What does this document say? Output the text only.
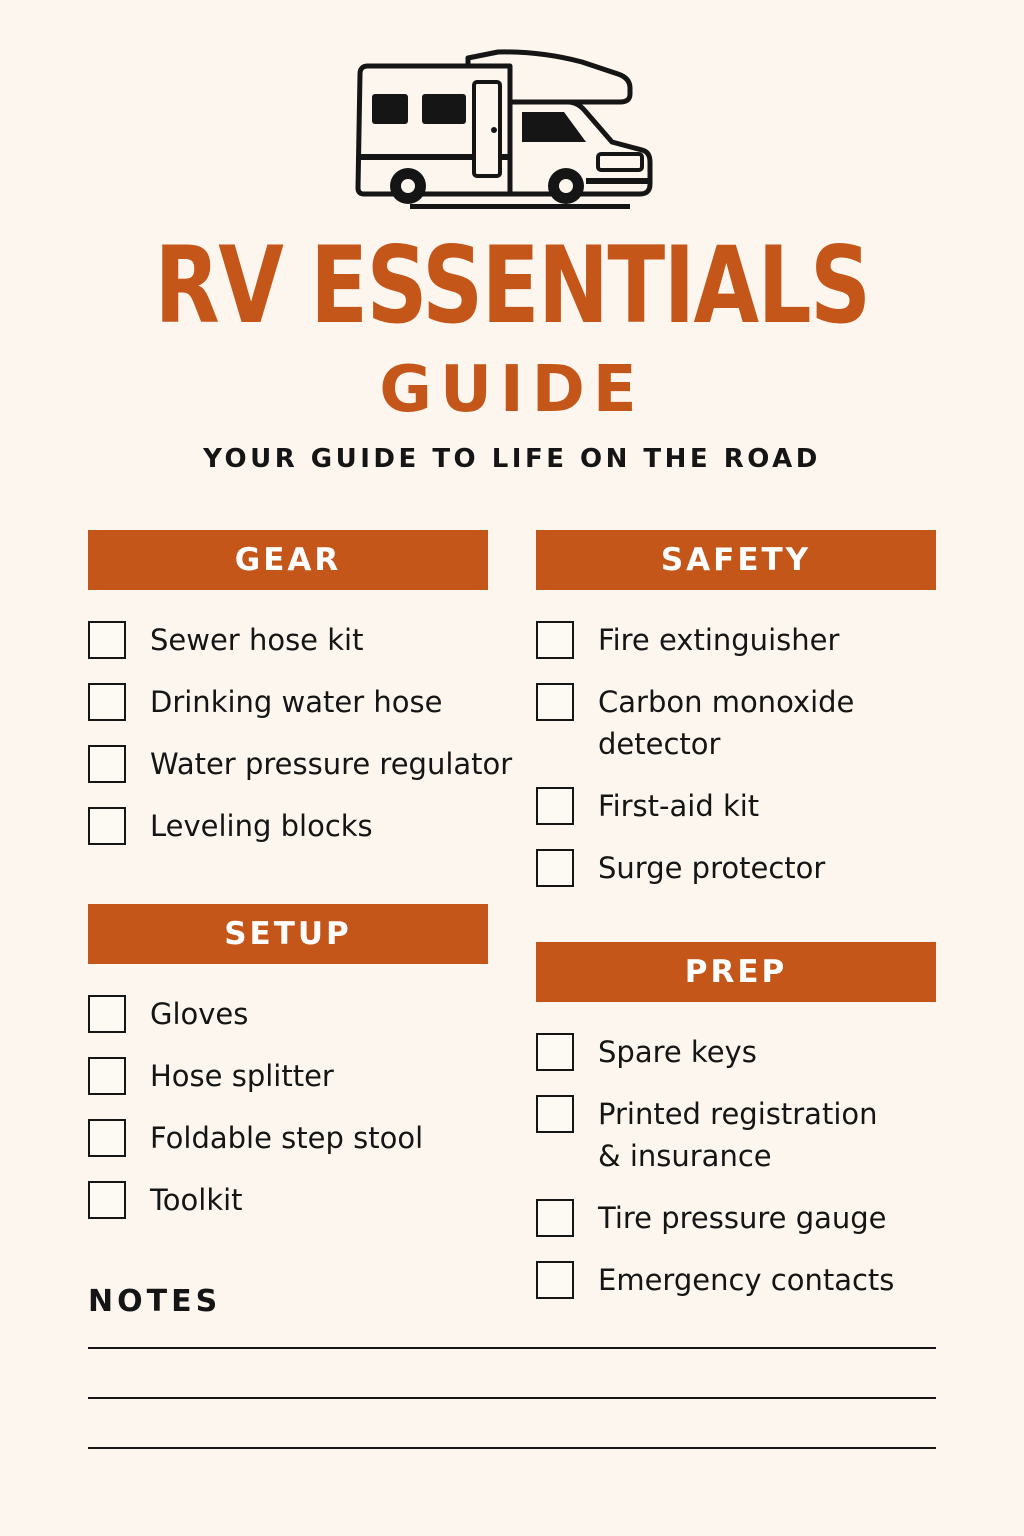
RV ESSENTIALS
GUIDE
YOUR GUIDE TO LIFE ON THE ROAD
GEAR
Sewer hose kit
Drinking water hose
Water pressure regulator
Leveling blocks
SAFETY
Fire extinguisher
Carbon monoxide detector
First-aid kit
Surge protector
SETUP
Gloves
Hose splitter
Foldable step stool
Toolkit
PREP
Spare keys
Printed registration & insurance
Tire pressure gauge
Emergency contacts
NOTES
